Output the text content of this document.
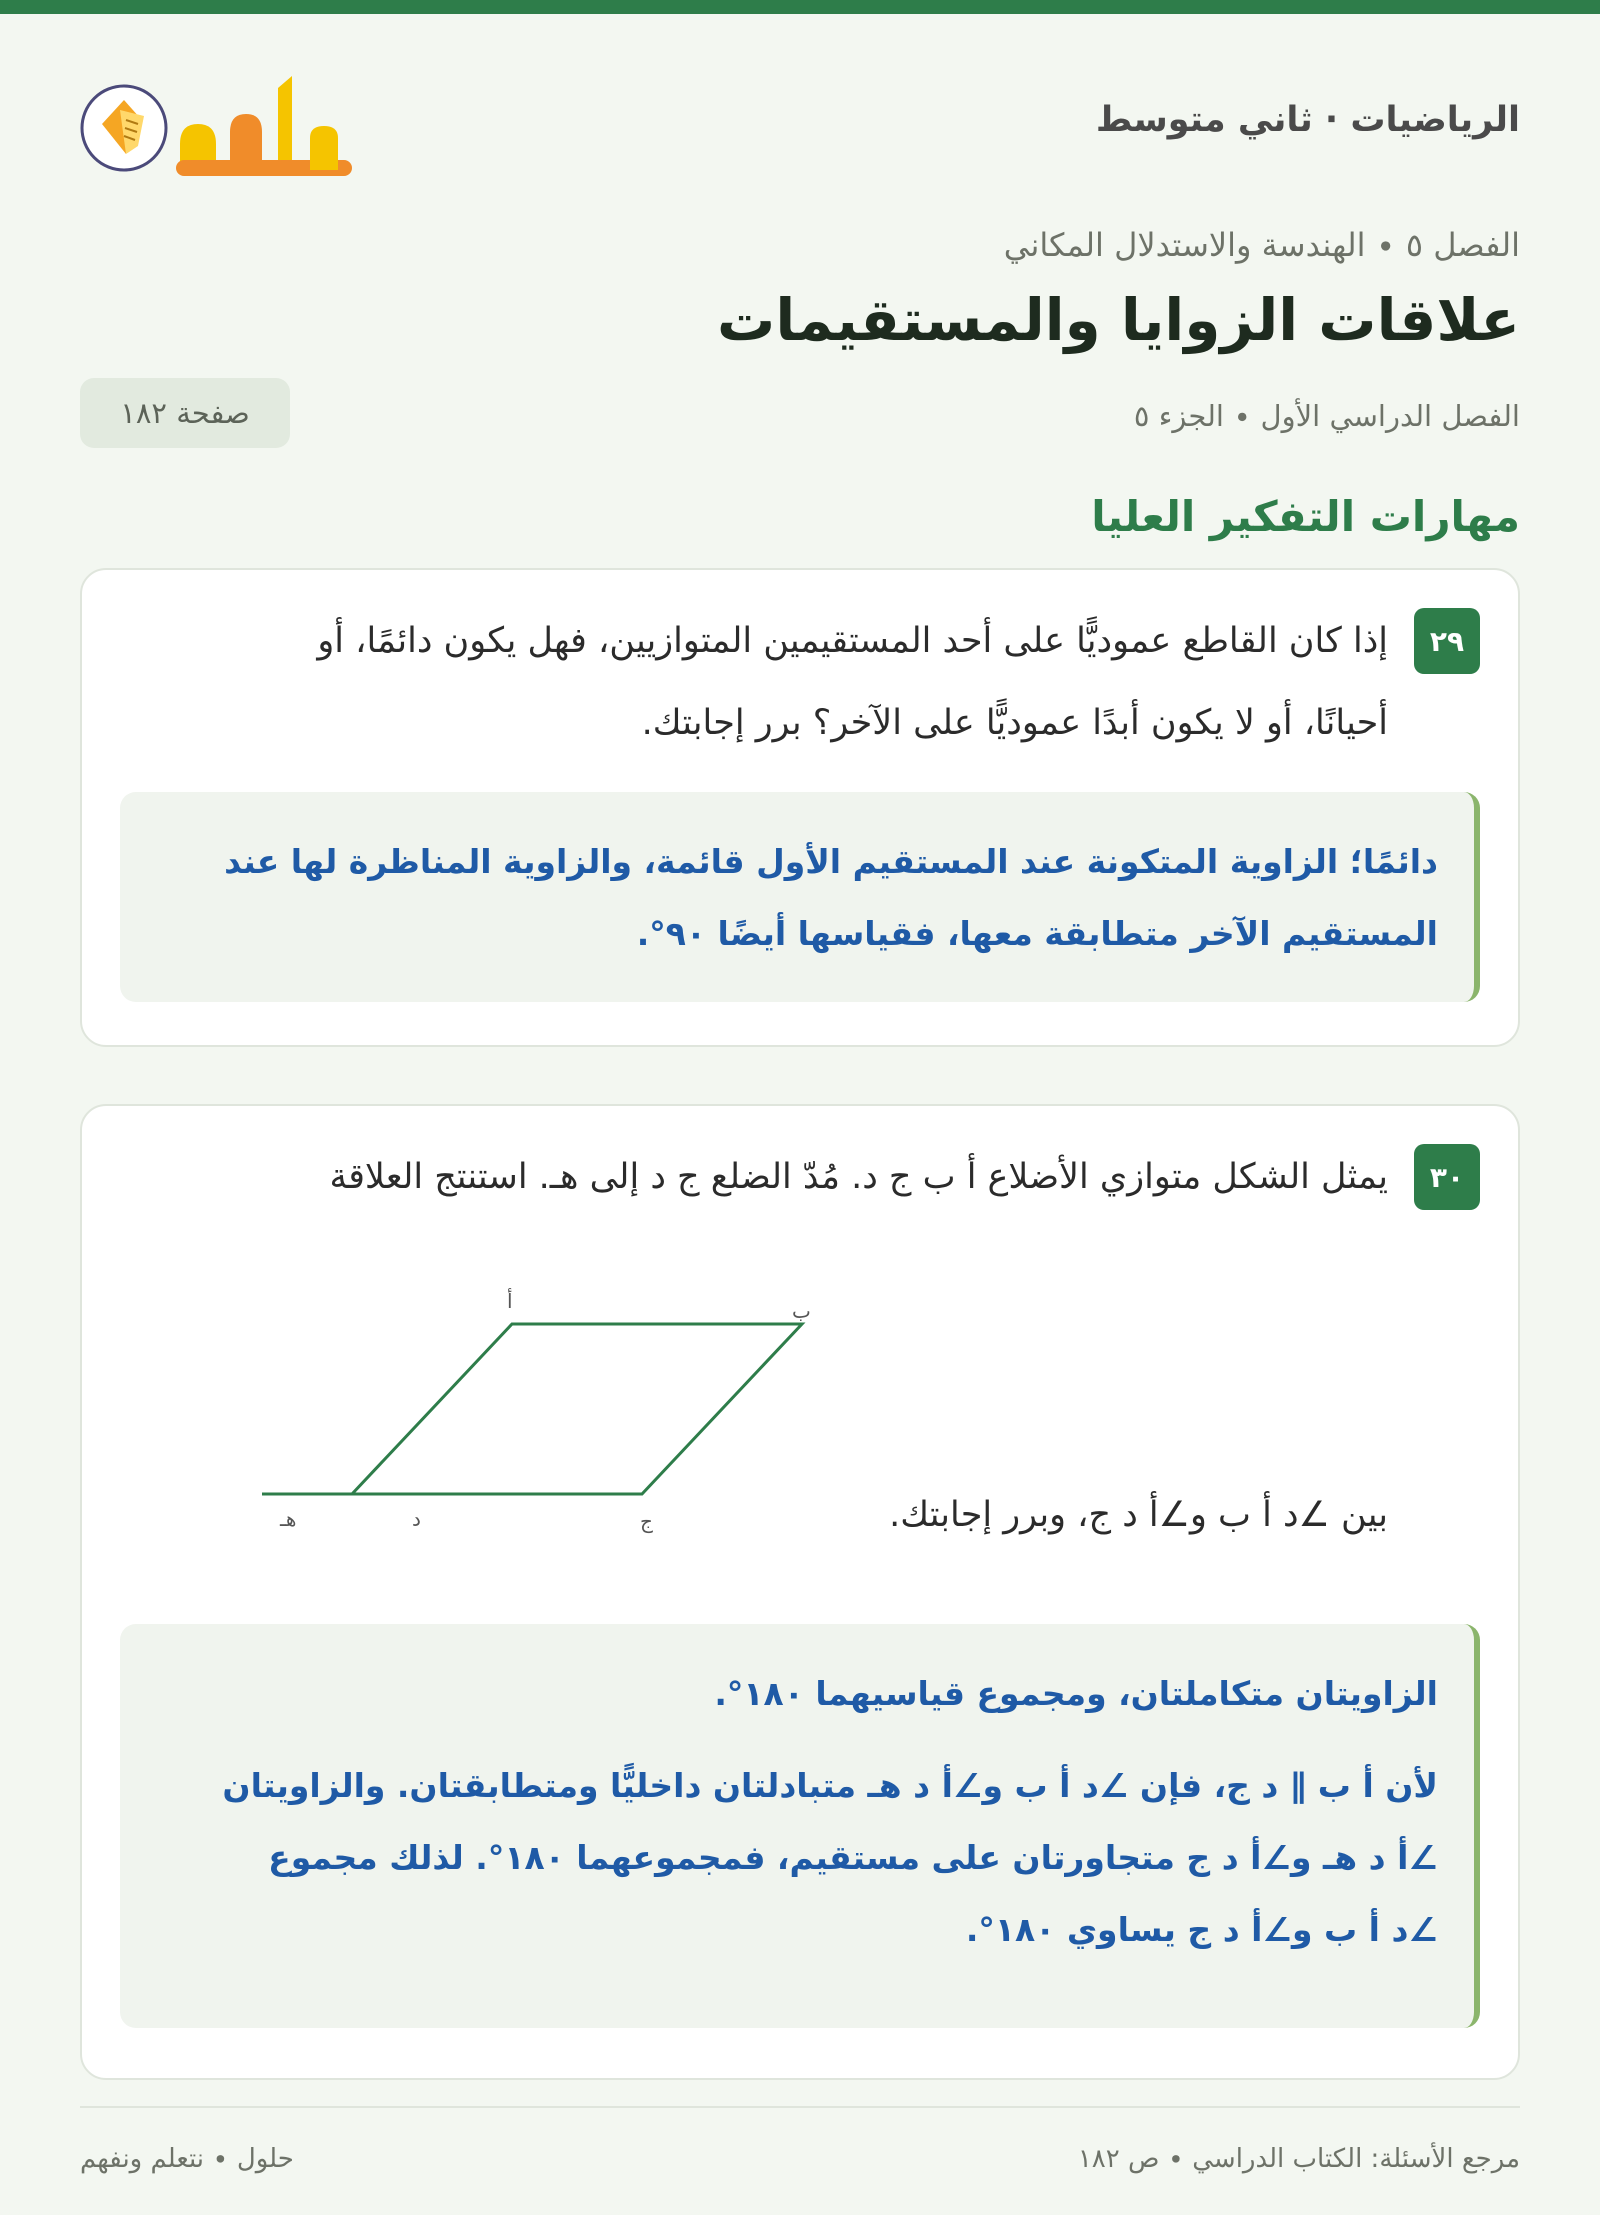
الرياضيات ∙ ثاني متوسط
الفصل ٥ ∙ الهندسة والاستدلال المكاني
علاقات الزوايا والمستقيمات
الفصل الدراسي الأول ∙ الجزء ٥
صفحة ١٨٢
مهارات التفكير العليا
٢٩
إذا كان القاطع عموديًّا على أحد المستقيمين المتوازيين، فهل يكون دائمًا، أو
أحيانًا، أو لا يكون أبدًا عموديًّا على الآخر؟ برر إجابتك.
دائمًا؛ الزاوية المتكونة عند المستقيم الأول قائمة، والزاوية المناظرة لها عند
المستقيم الآخر متطابقة معها، فقياسها أيضًا ٩٠°.
٣٠
يمثل الشكل متوازي الأضلاع أ ب ج د. مُدّ الضلع ج د إلى هـ. استنتج العلاقة
أ	ب
ج
د
هـ	بين ∠د أ ب و∠أ د ج، وبرر إجابتك.
الزاويتان متكاملتان، ومجموع قياسيهما ١٨٠°.
لأن أ ب ∥ د ج، فإن ∠د أ ب و∠أ د هـ متبادلتان داخليًّا ومتطابقتان. والزاويتان
∠أ د هـ و∠أ د ج متجاورتان على مستقيم، فمجموعهما ١٨٠°. لذلك مجموع
∠د أ ب و∠أ د ج يساوي ١٨٠°.
مرجع الأسئلة: الكتاب الدراسي ∙ ص ١٨٢
حلول ∙ نتعلم ونفهم
